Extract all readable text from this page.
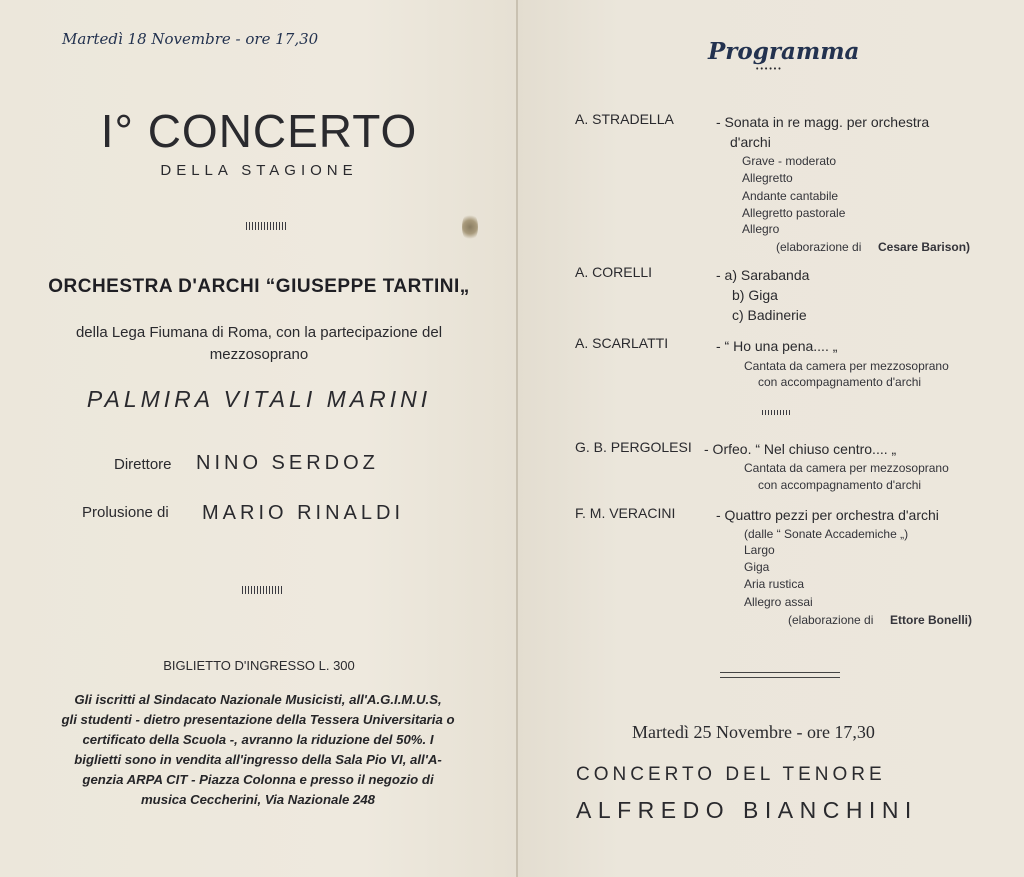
Martedì 18 Novembre - ore 17,30
I° CONCERTO
DELLA STAGIONE
ORCHESTRA D'ARCHI “GIUSEPPE TARTINI„
della Lega Fiumana di Roma, con la partecipazione del
mezzosoprano
PALMIRA VITALI MARINI
Direttore NINO SERDOZ
Prolusione di MARIO RINALDI
BIGLIETTO D'INGRESSO L. 300
Gli iscritti al Sindacato Nazionale Musicisti, all'A.G.I.M.U.S,
gli studenti - dietro presentazione della Tessera Universitaria o
certificato della Scuola -, avranno la riduzione del 50%. I
biglietti sono in vendita all'ingresso della Sala Pio VI, all'A-
genzia ARPA CIT - Piazza Colonna e presso il negozio di
musica Ceccherini, Via Nazionale 248
Programma
••••••
A. STRADELLA	- Sonata in re magg. per orchestra
d'archi
Grave - moderato
Allegretto
Andante cantabile
Allegretto pastorale
Allegro
(elaborazione di Cesare Barison)
A. CORELLI	- a) Sarabanda
b) Giga
c) Badinerie
A. SCARLATTI	- “ Ho una pena.... „
Cantata da camera per mezzosoprano
con accompagnamento d'archi
G. B. PERGOLESI - Orfeo. “ Nel chiuso centro.... „
Cantata da camera per mezzosoprano
con accompagnamento d'archi
F. M. VERACINI	- Quattro pezzi per orchestra d'archi
(dalle “ Sonate Accademiche „)
Largo
Giga
Aria rustica
Allegro assai
(elaborazione di Ettore Bonelli)
Martedì 25 Novembre - ore 17,30
CONCERTO DEL TENORE
ALFREDO BIANCHINI
